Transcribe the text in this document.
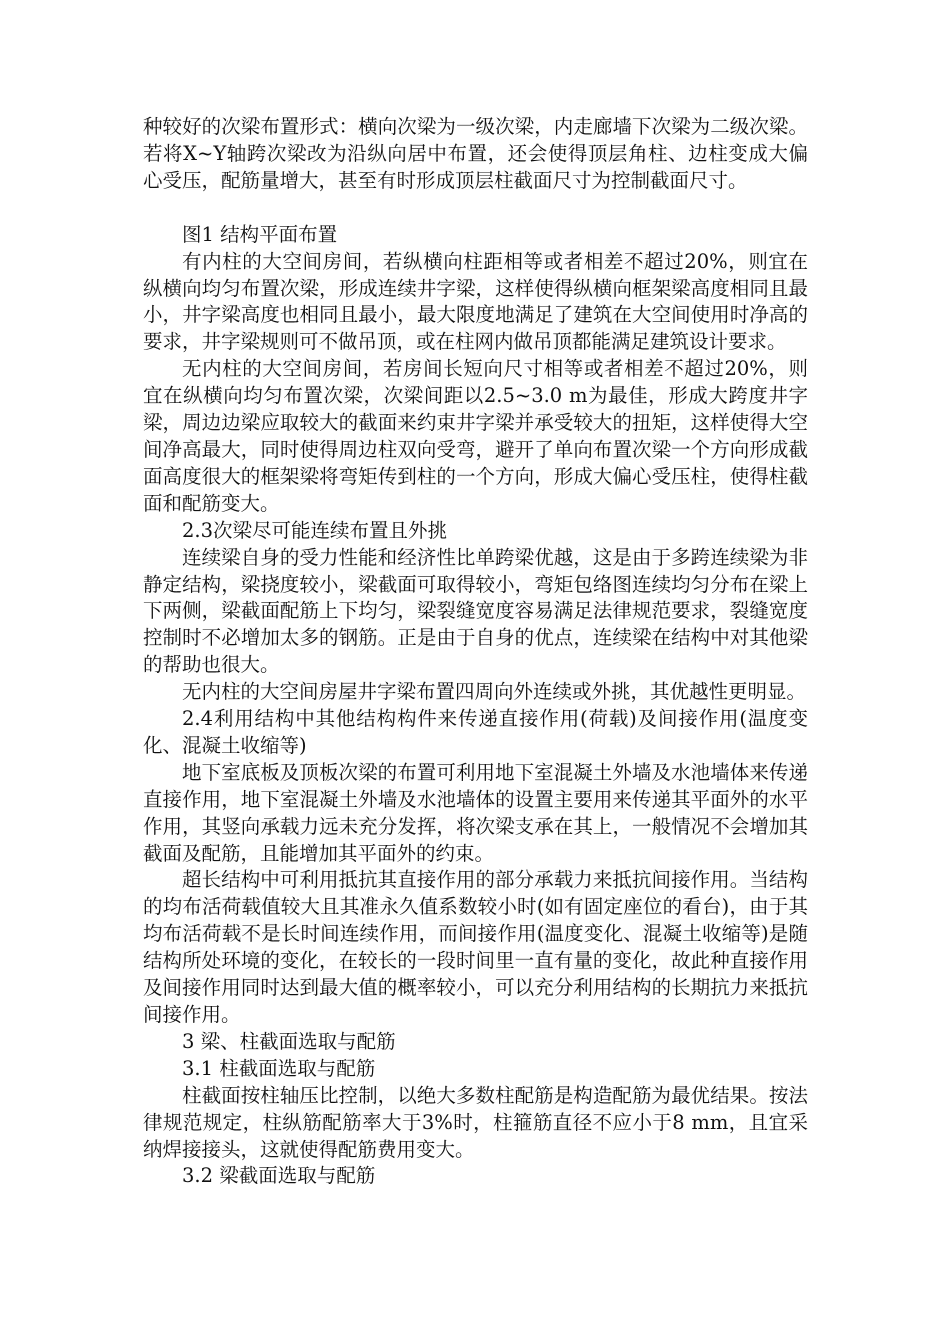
种较好的次梁布置形式：横向次梁为一级次梁，内走廊墙下次梁为二级次梁。若将X~Y轴跨次梁改为沿纵向居中布置，还会使得顶层角柱、边柱变成大偏心受压，配筋量增大，甚至有时形成顶层柱截面尺寸为控制截面尺寸。

图1 结构平面布置

有内柱的大空间房间，若纵横向柱距相等或者相差不超过20%，则宜在纵横向均匀布置次梁，形成连续井字梁，这样使得纵横向框架梁高度相同且最小，井字梁高度也相同且最小，最大限度地满足了建筑在大空间使用时净高的要求，井字梁规则可不做吊顶，或在柱网内做吊顶都能满足建筑设计要求。

无内柱的大空间房间，若房间长短向尺寸相等或者相差不超过20%，则宜在纵横向均匀布置次梁，次梁间距以2.5~3.0 m为最佳，形成大跨度井字梁，周边边梁应取较大的截面来约束井字梁并承受较大的扭矩，这样使得大空间净高最大，同时使得周边柱双向受弯，避开了单向布置次梁一个方向形成截面高度很大的框架梁将弯矩传到柱的一个方向，形成大偏心受压柱，使得柱截面和配筋变大。

2.3次梁尽可能连续布置且外挑

连续梁自身的受力性能和经济性比单跨梁优越，这是由于多跨连续梁为非静定结构，梁挠度较小，梁截面可取得较小，弯矩包络图连续均匀分布在梁上下两侧，梁截面配筋上下均匀，梁裂缝宽度容易满足法律规范要求，裂缝宽度控制时不必增加太多的钢筋。正是由于自身的优点，连续梁在结构中对其他梁的帮助也很大。

无内柱的大空间房屋井字梁布置四周向外连续或外挑，其优越性更明显。

2.4利用结构中其他结构构件来传递直接作用(荷载)及间接作用(温度变化、混凝土收缩等)

地下室底板及顶板次梁的布置可利用地下室混凝土外墙及水池墙体来传递直接作用，地下室混凝土外墙及水池墙体的设置主要用来传递其平面外的水平作用，其竖向承载力远未充分发挥，将次梁支承在其上，一般情况不会增加其截面及配筋，且能增加其平面外的约束。

超长结构中可利用抵抗其直接作用的部分承载力来抵抗间接作用。当结构的均布活荷载值较大且其准永久值系数较小时(如有固定座位的看台)，由于其均布活荷载不是长时间连续作用，而间接作用(温度变化、混凝土收缩等)是随结构所处环境的变化，在较长的一段时间里一直有量的变化，故此种直接作用及间接作用同时达到最大值的概率较小，可以充分利用结构的长期抗力来抵抗间接作用。

3 梁、柱截面选取与配筋

3.1 柱截面选取与配筋

柱截面按柱轴压比控制，以绝大多数柱配筋是构造配筋为最优结果。按法律规范规定，柱纵筋配筋率大于3%时，柱箍筋直径不应小于8 mm，且宜采纳焊接接头，这就使得配筋费用变大。

3.2 梁截面选取与配筋
